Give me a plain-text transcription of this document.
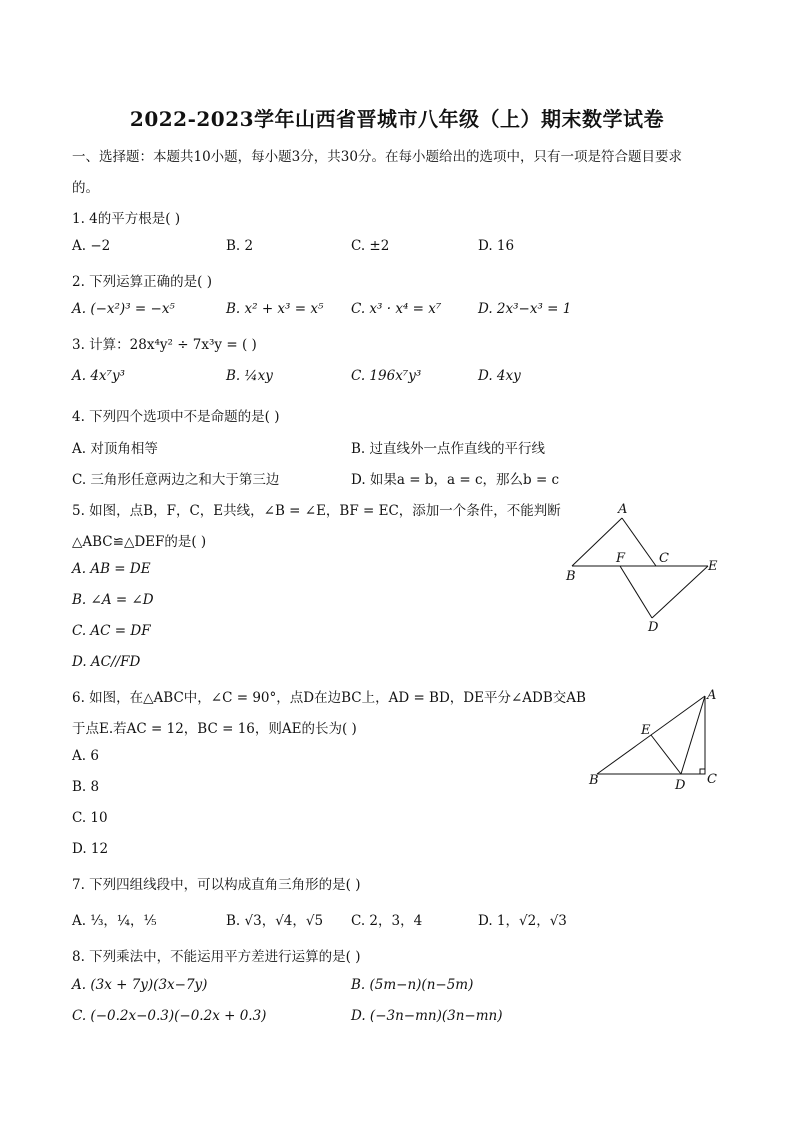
2022-2023学年山西省晋城市八年级（上）期末数学试卷
一、选择题：本题共10小题，每小题3分，共30分。在每小题给出的选项中，只有一项是符合题目要求
的。
1. 4的平方根是( )
A. −2	B. 2	C. ±2	D. 16
2. 下列运算正确的是( )
A. (−x²)³ = −x⁵	B. x² + x³ = x⁵ C. x³ · x⁴ = x⁷	D. 2x³−x³ = 1
3. 计算：28x⁴y² ÷ 7x³y = ( )
A. 4x⁷y³	B. ¼xy	C. 196x⁷y³	D. 4xy
4. 下列四个选项中不是命题的是( )
A. 对顶角相等	B. 过直线外一点作直线的平行线
C. 三角形任意两边之和大于第三边	D. 如果a = b，a = c，那么b = c
5. 如图，点B，F，C，E共线，∠B = ∠E，BF = EC，添加一个条件，不能判断
△ABC≌△DEF的是( )
A. AB = DE
B. ∠A = ∠D
C. AC = DF
D. AC//FD
A
F	C
E
B
D
6. 如图，在△ABC中，∠C = 90°，点D在边BC上，AD = BD，DE平分∠ADB交AB
于点E.若AC = 12，BC = 16，则AE的长为( )
A. 6
B. 8
C. 10
D. 12
A
E
B	D C
7. 下列四组线段中，可以构成直角三角形的是( )
A. ⅓，¼，⅕	B. √3，√4，√5 C. 2，3，4	D. 1，√2，√3
8. 下列乘法中，不能运用平方差进行运算的是( )
A. (3x + 7y)(3x−7y)	B. (5m−n)(n−5m)
C. (−0.2x−0.3)(−0.2x + 0.3)	D. (−3n−mn)(3n−mn)
